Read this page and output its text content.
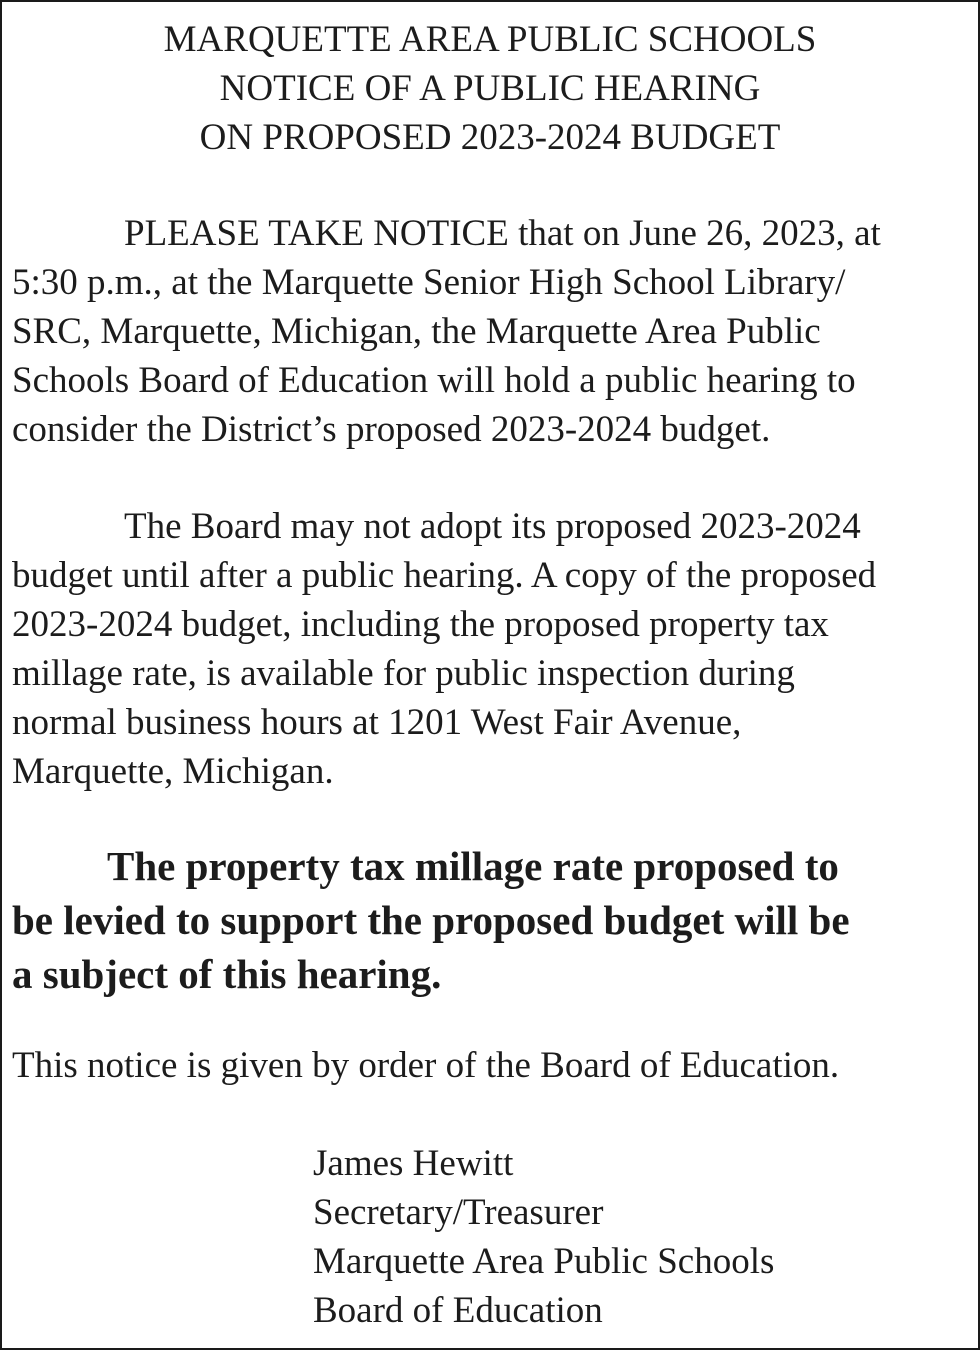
MARQUETTE AREA PUBLIC SCHOOLS
NOTICE OF A PUBLIC HEARING
ON PROPOSED 2023-2024 BUDGET
PLEASE TAKE NOTICE that on June 26, 2023, at
5:30 p.m., at the Marquette Senior High School Library/
SRC, Marquette, Michigan, the Marquette Area Public
Schools Board of Education will hold a public hearing to
consider the District’s proposed 2023-2024 budget.
The Board may not adopt its proposed 2023-2024
budget until after a public hearing. A copy of the proposed
2023-2024 budget, including the proposed property tax
millage rate, is available for public inspection during
normal business hours at 1201 West Fair Avenue,
Marquette, Michigan.
The property tax millage rate proposed to
be levied to support the proposed budget will be
a subject of this hearing.
This notice is given by order of the Board of Education.
James Hewitt
Secretary/Treasurer
Marquette Area Public Schools
Board of Education
